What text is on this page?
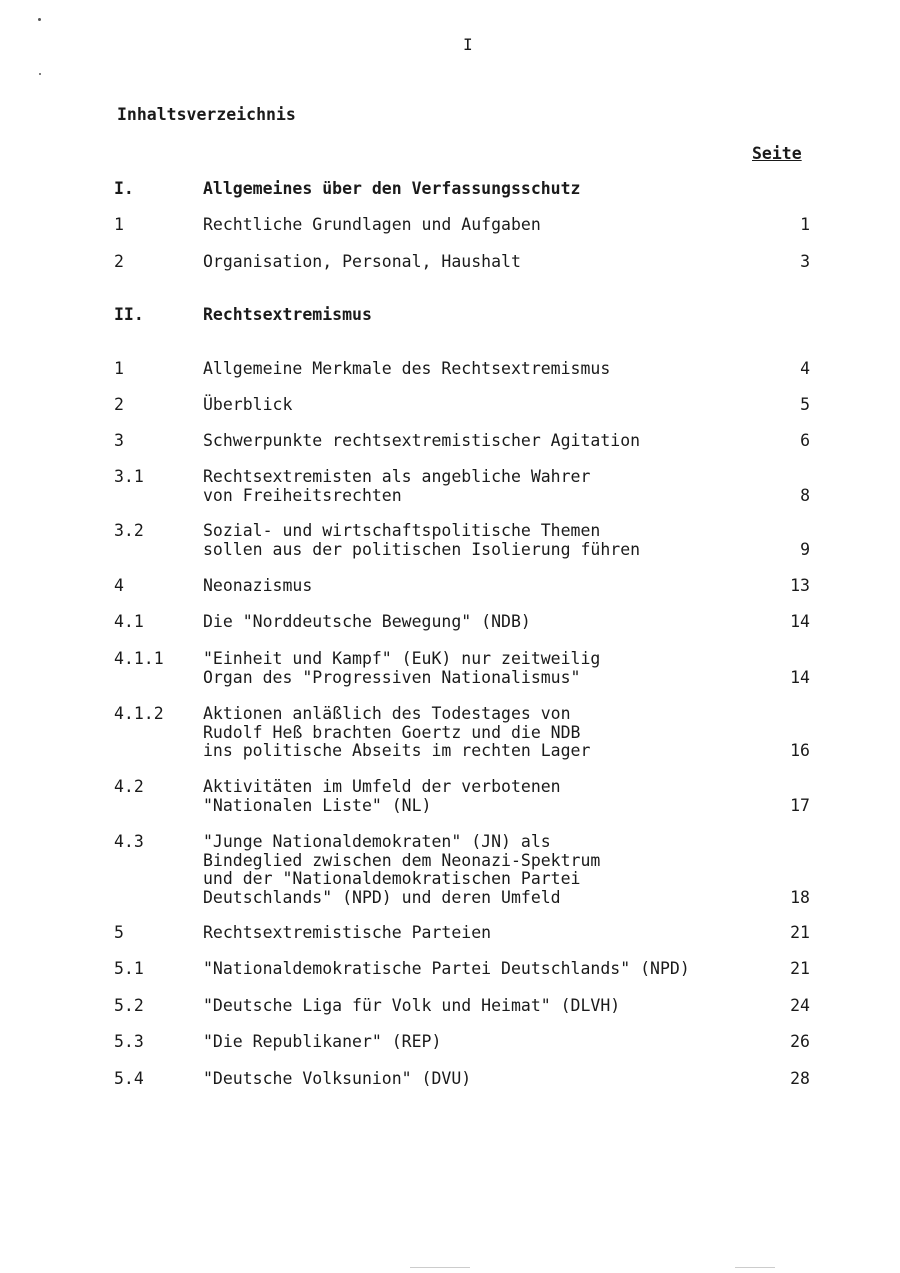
I
Inhaltsverzeichnis
Seite
I.	Allgemeines über den Verfassungsschutz
1	Rechtliche Grundlagen und Aufgaben	1
2	Organisation, Personal, Haushalt	3
II.	Rechtsextremismus
1	Allgemeine Merkmale des Rechtsextremismus	4
2	Überblick	5
3	Schwerpunkte rechtsextremistischer Agitation	6
3.1	Rechtsextremisten als angebliche Wahrer
von Freiheitsrechten	8
3.2	Sozial- und wirtschaftspolitische Themen
sollen aus der politischen Isolierung führen	9
4	Neonazismus	13
4.1	Die "Norddeutsche Bewegung" (NDB)	14
4.1.1 "Einheit und Kampf" (EuK) nur zeitweilig
Organ des "Progressiven Nationalismus"	14
4.1.2 Aktionen anläßlich des Todestages von
Rudolf Heß brachten Goertz und die NDB
ins politische Abseits im rechten Lager	16
4.2	Aktivitäten im Umfeld der verbotenen
"Nationalen Liste" (NL)	17
4.3	"Junge Nationaldemokraten" (JN) als
Bindeglied zwischen dem Neonazi-Spektrum
und der "Nationaldemokratischen Partei
Deutschlands" (NPD) und deren Umfeld	18
5	Rechtsextremistische Parteien	21
5.1	"Nationaldemokratische Partei Deutschlands" (NPD)	21
5.2	"Deutsche Liga für Volk und Heimat" (DLVH)	24
5.3	"Die Republikaner" (REP)	26
5.4	"Deutsche Volksunion" (DVU)	28
